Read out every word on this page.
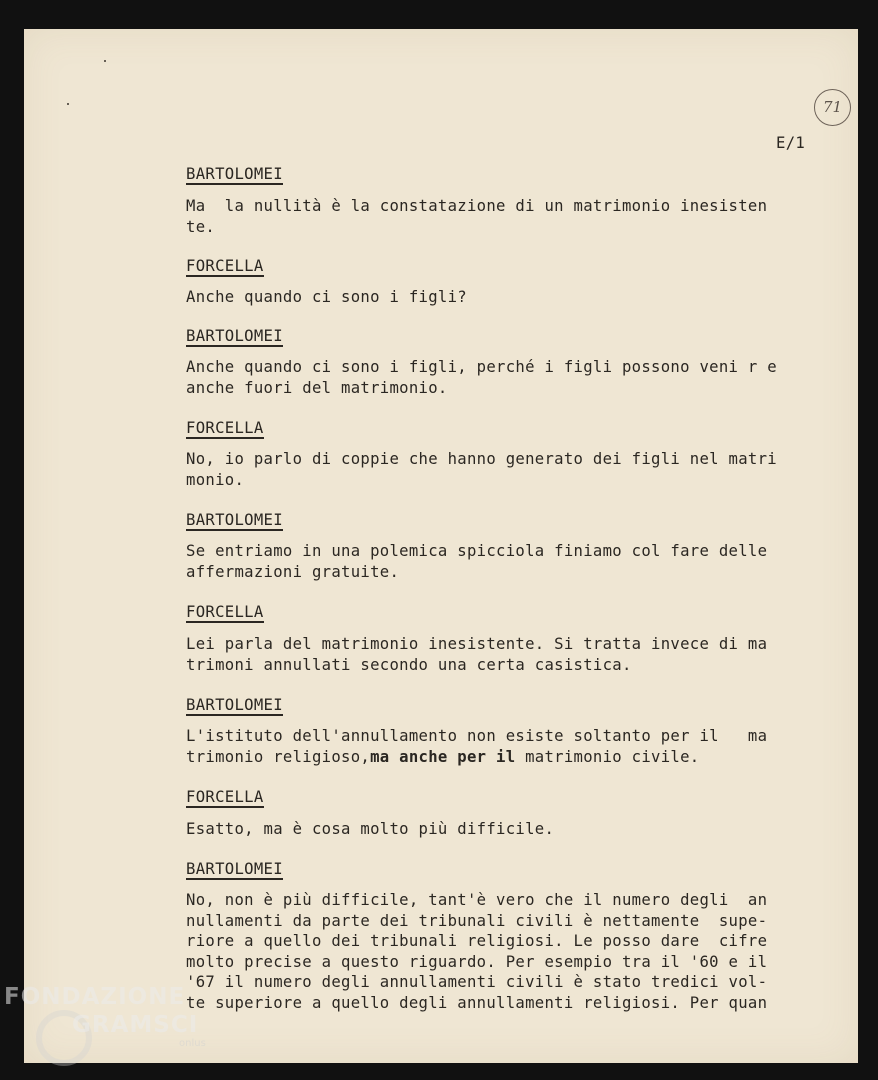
71
E/1
BARTOLOMEI
Ma  la nullità è la constatazione di un matrimonio inesisten
te.
FORCELLA
Anche quando ci sono i figli?
BARTOLOMEI
Anche quando ci sono i figli, perché i figli possono veni r e
anche fuori del matrimonio.
FORCELLA
No, io parlo di coppie che hanno generato dei figli nel matri
monio.
BARTOLOMEI
Se entriamo in una polemica spicciola finiamo col fare delle
affermazioni gratuite.
FORCELLA
Lei parla del matrimonio inesistente. Si tratta invece di ma
trimoni annullati secondo una certa casistica.
BARTOLOMEI
L'istituto dell'annullamento non esiste soltanto per il   ma
trimonio religioso,ma anche per il matrimonio civile.
FORCELLA
Esatto, ma è cosa molto più difficile.
BARTOLOMEI
No, non è più difficile, tant'è vero che il numero degli  an
nullamenti da parte dei tribunali civili è nettamente  supe-
riore a quello dei tribunali religiosi. Le posso dare  cifre
molto precise a questo riguardo. Per esempio tra il '60 e il
'67 il numero degli annullamenti civili è stato tredici vol-
te superiore a quello degli annullamenti religiosi. Per quan
FONDAZIONE
GRAMSCI
onlus
